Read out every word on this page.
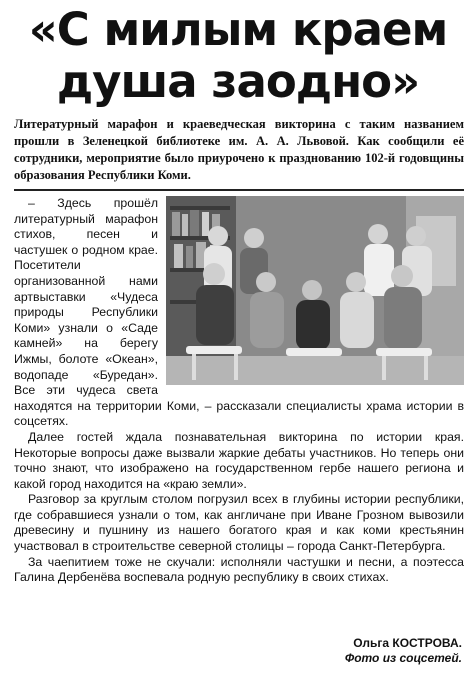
«С милым краем душа заодно»

Литературный марафон и краеведческая викторина с таким названием прошли в Зеленецкой библиотеке им. А. А. Львовой. Как сообщили её сотрудники, мероприятие было приурочено к празднованию 102-й годовщины образования Республики Коми.

– Здесь прошёл литературный марафон стихов, песен и частушек о родном крае. Посетители организованной нами артвыставки «Чудеса природы Республики Коми» узнали о «Саде камней» на берегу Ижмы, болоте «Океан», водопаде «Буредан». Все эти чудеса света находятся на территории Коми, – рассказали специалисты храма истории в соцсетях.

Далее гостей ждала познавательная викторина по истории края. Некоторые вопросы даже вызвали жаркие дебаты участников. Но теперь они точно знают, что изображено на государственном гербе нашего региона и какой город находится на «краю земли».

Разговор за круглым столом погрузил всех в глубины истории республики, где собравшиеся узнали о том, как англичане при Иване Грозном вывозили древесину и пушнину из нашего богатого края и как коми крестьянин участвовал в строительстве северной столицы – города Санкт-Петербурга.

За чаепитием тоже не скучали: исполняли частушки и песни, а поэтесса Галина Дербенёва воспевала родную республику в своих стихах.

Ольга КОСТРОВА.
Фото из соцсетей.
